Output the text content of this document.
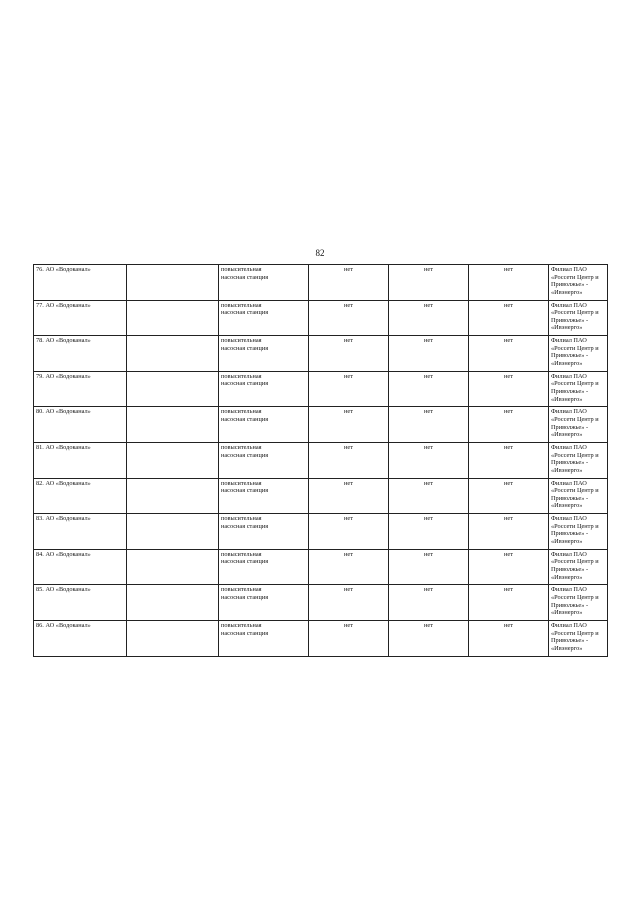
82
76. АО «Водоканал»		повысительная
насосная станция	нет	нет	нет	Филиал ПАО
«Россети Центр и
Приволжье» -
«Ивэнерго»

77. АО «Водоканал»		повысительная
насосная станция	нет	нет	нет	Филиал ПАО
«Россети Центр и
Приволжье» -
«Ивэнерго»

78. АО «Водоканал»		повысительная
насосная станция	нет	нет	нет	Филиал ПАО
«Россети Центр и
Приволжье» -
«Ивэнерго»

79. АО «Водоканал»		повысительная
насосная станция	нет	нет	нет	Филиал ПАО
«Россети Центр и
Приволжье» -
«Ивэнерго»

80. АО «Водоканал»		повысительная
насосная станция	нет	нет	нет	Филиал ПАО
«Россети Центр и
Приволжье» -
«Ивэнерго»

81. АО «Водоканал»		повысительная
насосная станция	нет	нет	нет	Филиал ПАО
«Россети Центр и
Приволжье» -
«Ивэнерго»

82. АО «Водоканал»		повысительная
насосная станция	нет	нет	нет	Филиал ПАО
«Россети Центр и
Приволжье» -
«Ивэнерго»

83. АО «Водоканал»		повысительная
насосная станция	нет	нет	нет	Филиал ПАО
«Россети Центр и
Приволжье» -
«Ивэнерго»

84. АО «Водоканал»		повысительная
насосная станция	нет	нет	нет	Филиал ПАО
«Россети Центр и
Приволжье» -
«Ивэнерго»

85. АО «Водоканал»		повысительная
насосная станция	нет	нет	нет	Филиал ПАО
«Россети Центр и
Приволжье» -
«Ивэнерго»

86. АО «Водоканал»		повысительная
насосная станция	нет	нет	нет	Филиал ПАО
«Россети Центр и
Приволжье» -
«Ивэнерго»
